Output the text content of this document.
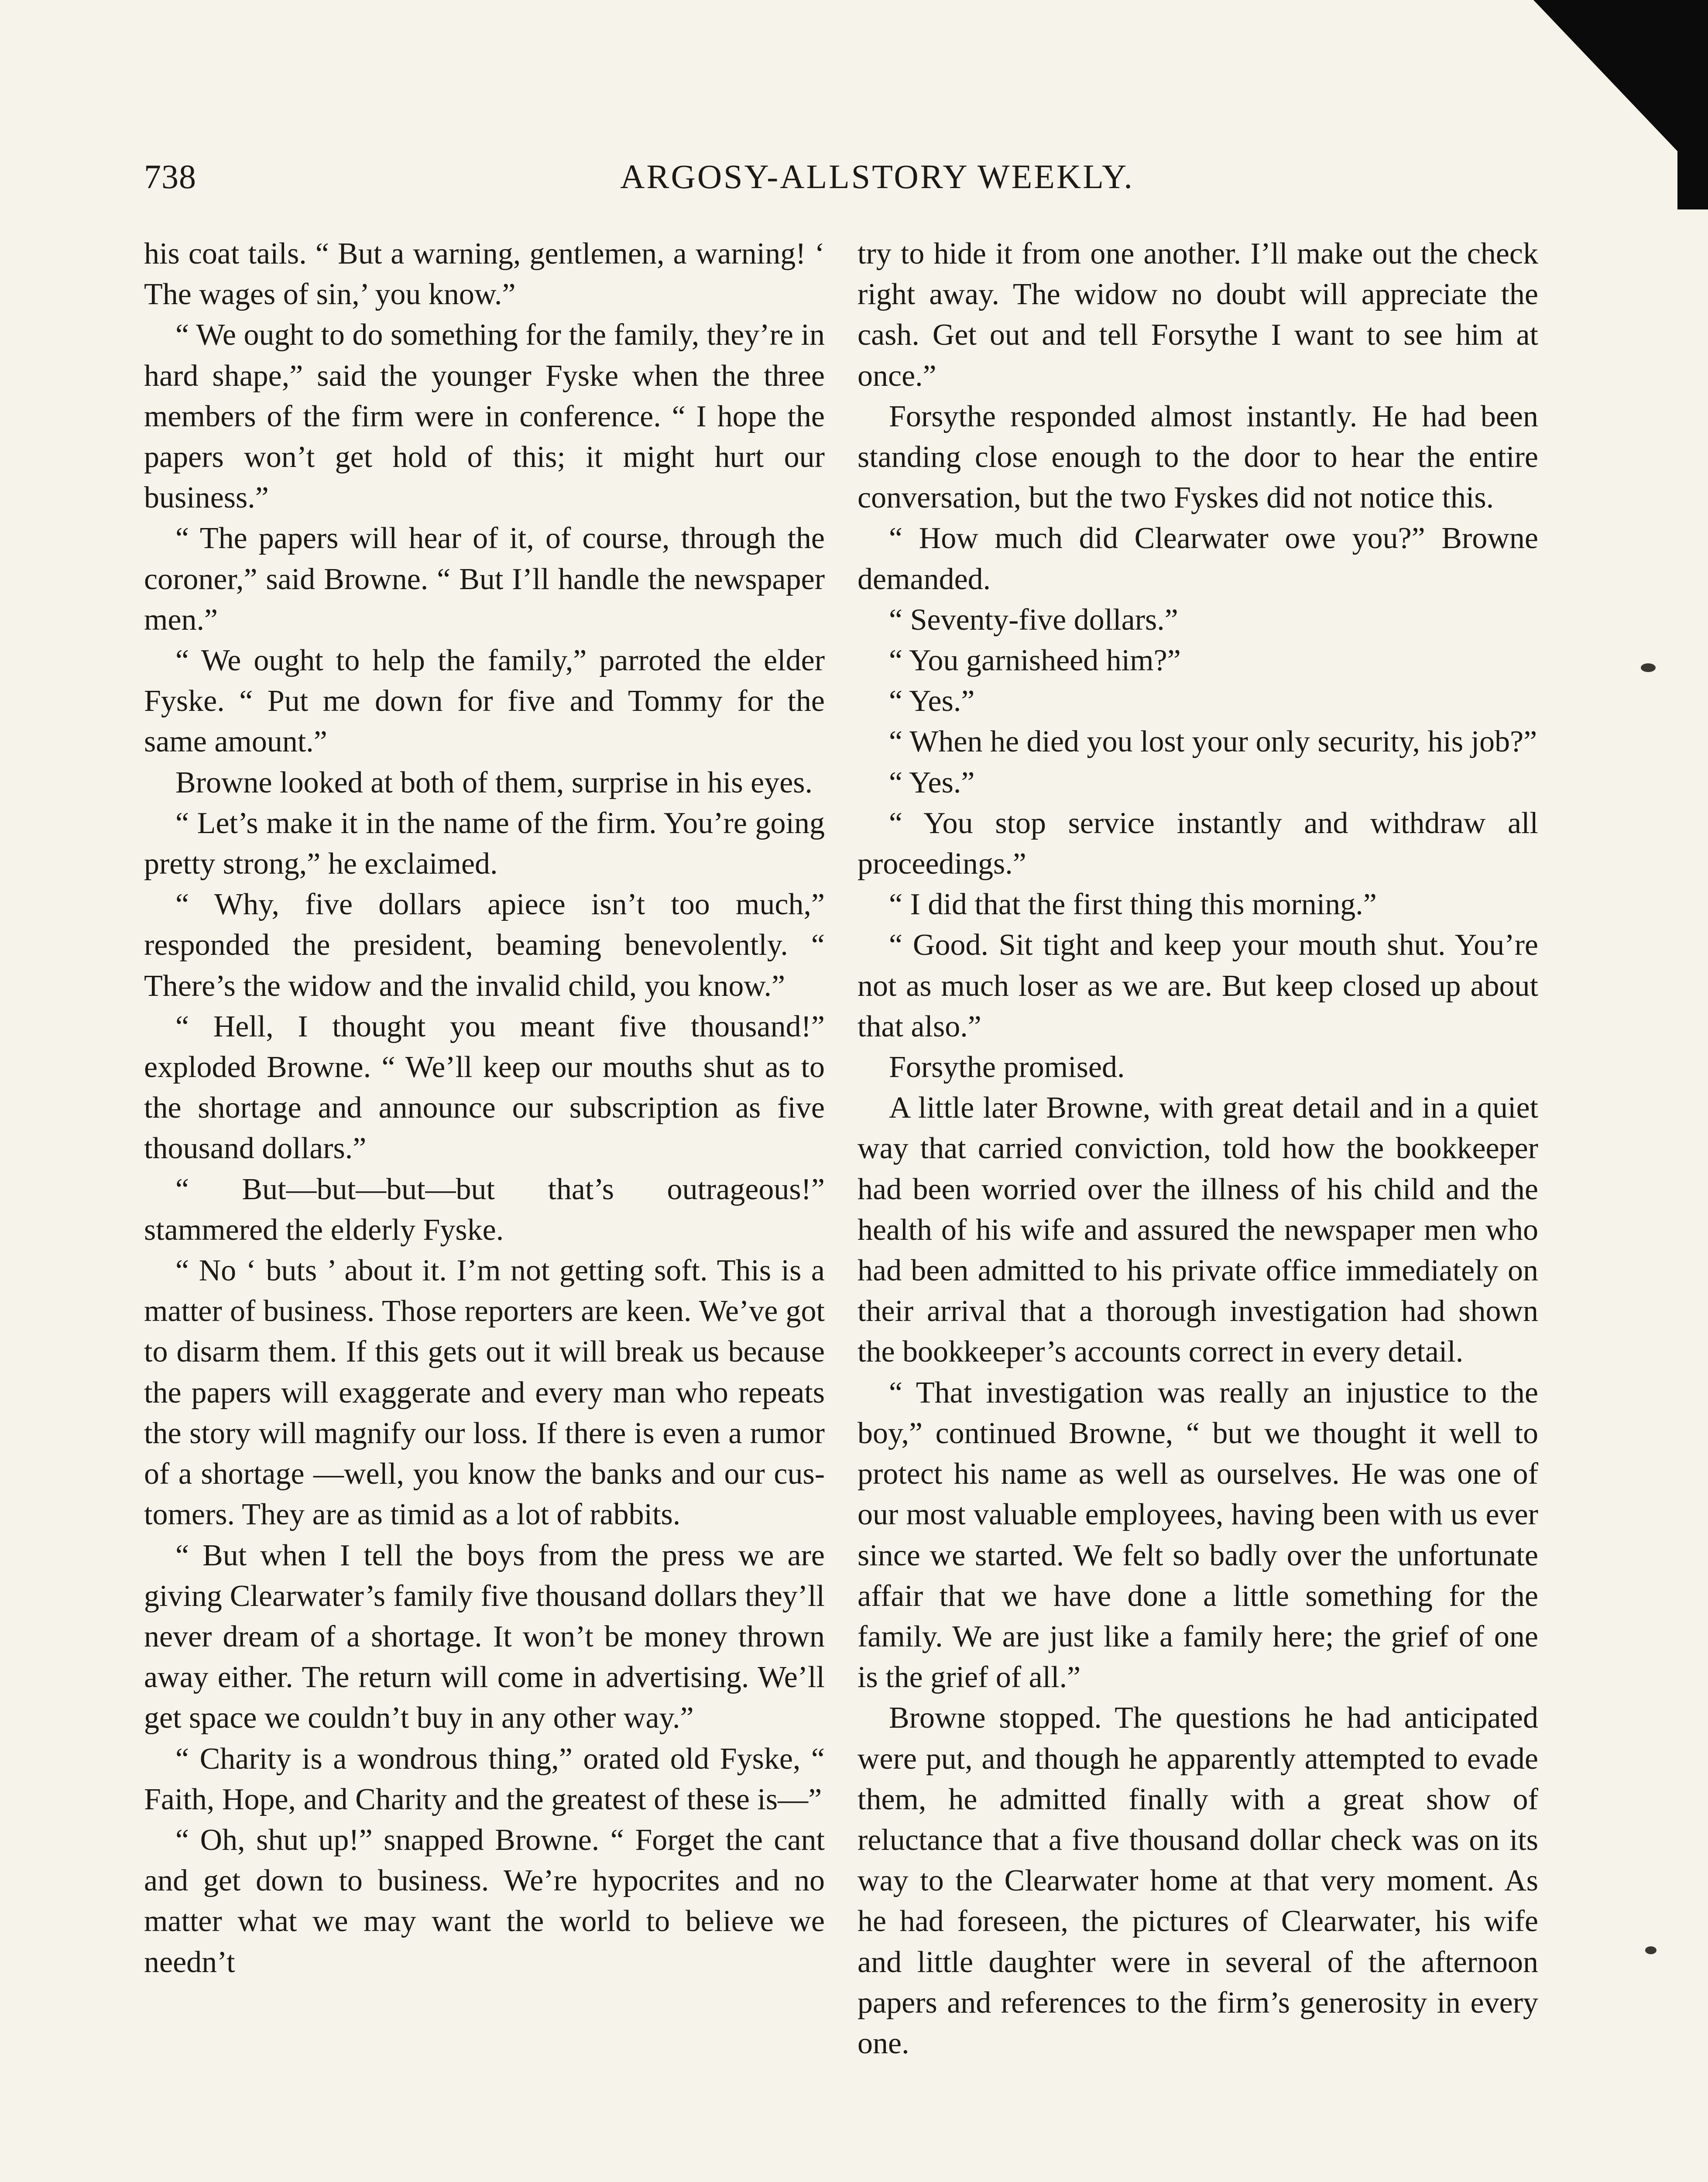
738	ARGOSY-ALLSTORY WEEKLY.

his coat tails. “ But a warning, gentlemen, a warning! ‘ The wages of sin,’ you know.”

“ We ought to do something for the family, they’re in hard shape,” said the younger Fyske when the three members of the firm were in conference. “ I hope the papers won’t get hold of this; it might hurt our business.”

“ The papers will hear of it, of course, through the coroner,” said Browne. “ But I’ll handle the newspaper men.”

“ We ought to help the family,” parroted the elder Fyske. “ Put me down for five and Tommy for the same amount.”

Browne looked at both of them, surprise in his eyes.

“ Let’s make it in the name of the firm. You’re going pretty strong,” he exclaimed.

“ Why, five dollars apiece isn’t too much,” responded the president, beaming benevolently. “ There’s the widow and the invalid child, you know.”

“ Hell, I thought you meant five thousand!” exploded Browne. “ We’ll keep our mouths shut as to the shortage and announce our subscription as five thousand dollars.”

“ But—but—but—but that’s outrageous!” stammered the elderly Fyske.

“ No ‘ buts ’ about it. I’m not getting soft. This is a matter of business. Those reporters are keen. We’ve got to disarm them. If this gets out it will break us because the papers will exaggerate and every man who repeats the story will magnify our loss. If there is even a rumor of a shortage —well, you know the banks and our customers. They are as timid as a lot of rabbits.

“ But when I tell the boys from the press we are giving Clearwater’s family five thousand dollars they’ll never dream of a shortage. It won’t be money thrown away either. The return will come in advertising. We’ll get space we couldn’t buy in any other way.”

“ Charity is a wondrous thing,” orated old Fyske, “ Faith, Hope, and Charity and the greatest of these is—”

“ Oh, shut up!” snapped Browne. “ Forget the cant and get down to business. We’re hypocrites and no matter what we may want the world to believe we needn’t

try to hide it from one another. I’ll make out the check right away. The widow no doubt will appreciate the cash. Get out and tell Forsythe I want to see him at once.”

Forsythe responded almost instantly. He had been standing close enough to the door to hear the entire conversation, but the two Fyskes did not notice this.

“ How much did Clearwater owe you?” Browne demanded.

“ Seventy-five dollars.”

“ You garnisheed him?”

“ Yes.”

“ When he died you lost your only security, his job?”

“ Yes.”

“ You stop service instantly and withdraw all proceedings.”

“ I did that the first thing this morning.”

“ Good. Sit tight and keep your mouth shut. You’re not as much loser as we are. But keep closed up about that also.”

Forsythe promised.

A little later Browne, with great detail and in a quiet way that carried conviction, told how the bookkeeper had been worried over the illness of his child and the health of his wife and assured the newspaper men who had been admitted to his private office immediately on their arrival that a thorough investigation had shown the bookkeeper’s accounts correct in every detail.

“ That investigation was really an injustice to the boy,” continued Browne, “ but we thought it well to protect his name as well as ourselves. He was one of our most valuable employees, having been with us ever since we started. We felt so badly over the unfortunate affair that we have done a little something for the family. We are just like a family here; the grief of one is the grief of all.”

Browne stopped. The questions he had anticipated were put, and though he apparently attempted to evade them, he admitted finally with a great show of reluctance that a five thousand dollar check was on its way to the Clearwater home at that very moment. As he had foreseen, the pictures of Clearwater, his wife and little daughter were in several of the afternoon papers and references to the firm’s generosity in every one.
